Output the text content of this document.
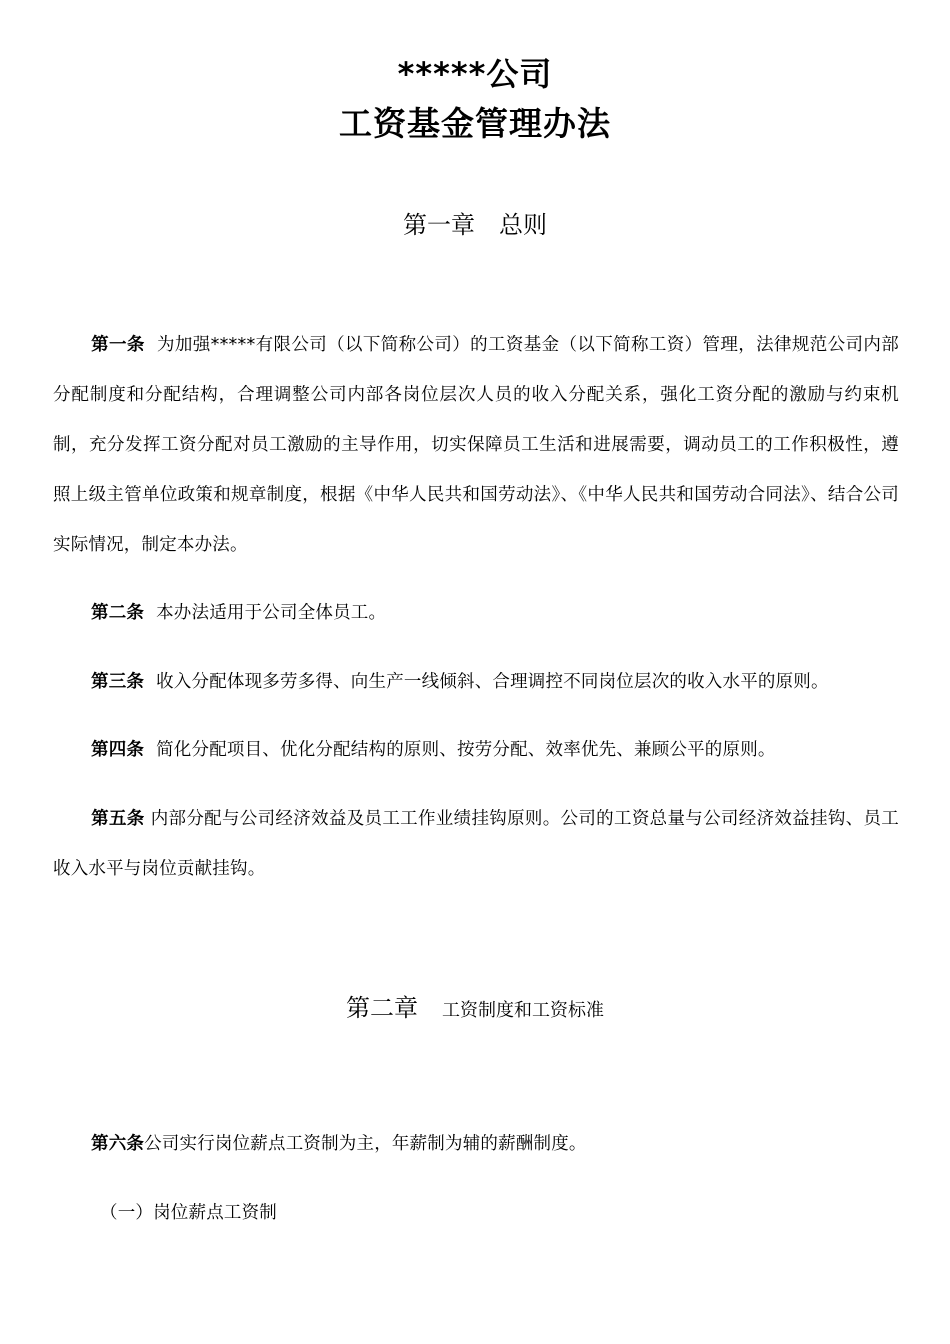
*****公司
工资基金管理办法
第一章 总则
第一条 为加强*****有限公司（以下简称公司）的工资基金（以下简称工资）管理，法律规范公司内部分配制度和分配结构，合理调整公司内部各岗位层次人员的收入分配关系，强化工资分配的激励与约束机制，充分发挥工资分配对员工激励的主导作用，切实保障员工生活和进展需要，调动员工的工作积极性，遵照上级主管单位政策和规章制度，根据《中华人民共和国劳动法》、《中华人民共和国劳动合同法》、结合公司实际情况，制定本办法。
第二条 本办法适用于公司全体员工。
第三条 收入分配体现多劳多得、向生产一线倾斜、合理调控不同岗位层次的收入水平的原则。
第四条 简化分配项目、优化分配结构的原则、按劳分配、效率优先、兼顾公平的原则。
第五条 内部分配与公司经济效益及员工工作业绩挂钩原则。公司的工资总量与公司经济效益挂钩、员工收入水平与岗位贡献挂钩。
第二章 工资制度和工资标准
第六条公司实行岗位薪点工资制为主，年薪制为辅的薪酬制度。
（一）岗位薪点工资制
